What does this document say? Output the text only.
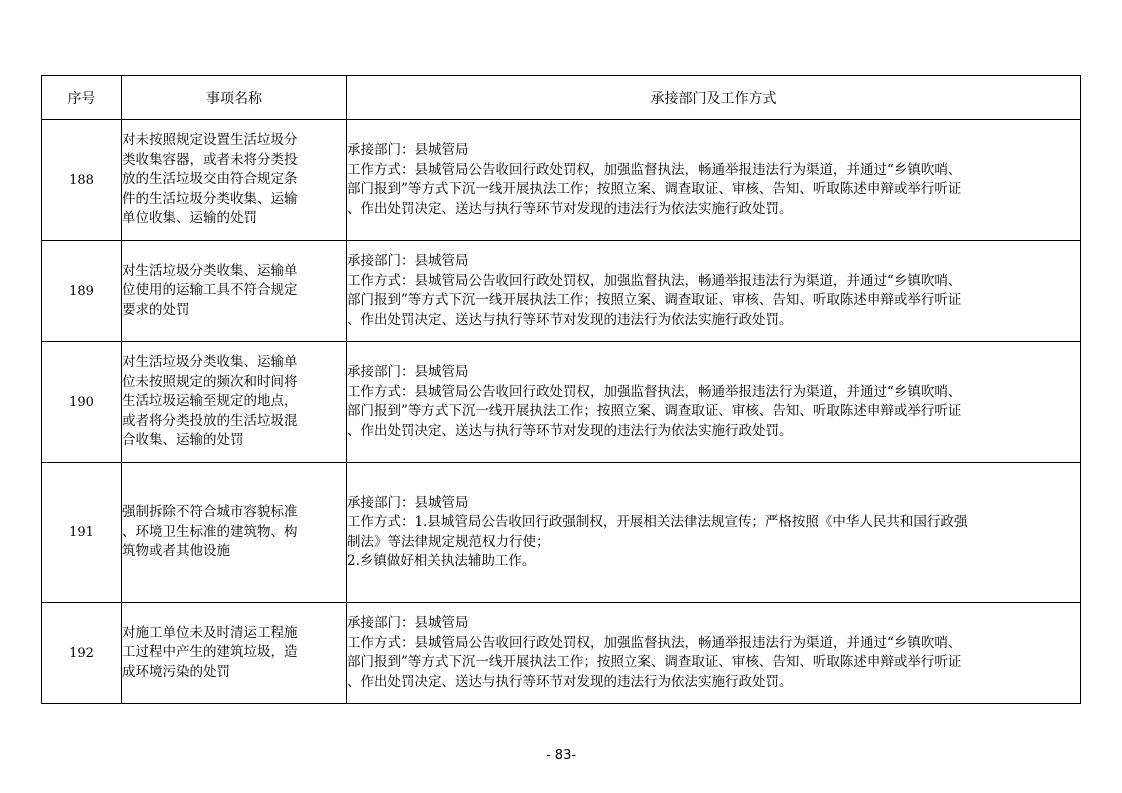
序号	事项名称	承接部门及工作方式
188	对未按照规定设置生活垃圾分
类收集容器，或者未将分类投
放的生活垃圾交由符合规定条
件的生活垃圾分类收集、运输
单位收集、运输的处罚	承接部门：县城管局
工作方式：县城管局公告收回行政处罚权，加强监督执法，畅通举报违法行为渠道，并通过“乡镇吹哨、
部门报到”等方式下沉一线开展执法工作；按照立案、调查取证、审核、告知、听取陈述申辩或举行听证
、作出处罚决定、送达与执行等环节对发现的违法行为依法实施行政处罚。

189	对生活垃圾分类收集、运输单
位使用的运输工具不符合规定
要求的处罚	承接部门：县城管局
工作方式：县城管局公告收回行政处罚权，加强监督执法，畅通举报违法行为渠道，并通过“乡镇吹哨、
部门报到”等方式下沉一线开展执法工作；按照立案、调查取证、审核、告知、听取陈述申辩或举行听证
、作出处罚决定、送达与执行等环节对发现的违法行为依法实施行政处罚。

190	对生活垃圾分类收集、运输单
位未按照规定的频次和时间将
生活垃圾运输至规定的地点，
或者将分类投放的生活垃圾混
合收集、运输的处罚	承接部门：县城管局
工作方式：县城管局公告收回行政处罚权，加强监督执法，畅通举报违法行为渠道，并通过“乡镇吹哨、
部门报到”等方式下沉一线开展执法工作；按照立案、调查取证、审核、告知、听取陈述申辩或举行听证
、作出处罚决定、送达与执行等环节对发现的违法行为依法实施行政处罚。

191	强制拆除不符合城市容貌标准
、环境卫生标准的建筑物、构
筑物或者其他设施	承接部门：县城管局
工作方式：1.县城管局公告收回行政强制权，开展相关法律法规宣传；严格按照《中华人民共和国行政强
制法》等法律规定规范权力行使；
2.乡镇做好相关执法辅助工作。

192	对施工单位未及时清运工程施
工过程中产生的建筑垃圾，造
成环境污染的处罚	承接部门：县城管局
工作方式：县城管局公告收回行政处罚权，加强监督执法，畅通举报违法行为渠道，并通过“乡镇吹哨、
部门报到”等方式下沉一线开展执法工作；按照立案、调查取证、审核、告知、听取陈述申辩或举行听证
、作出处罚决定、送达与执行等环节对发现的违法行为依法实施行政处罚。
- 83-
